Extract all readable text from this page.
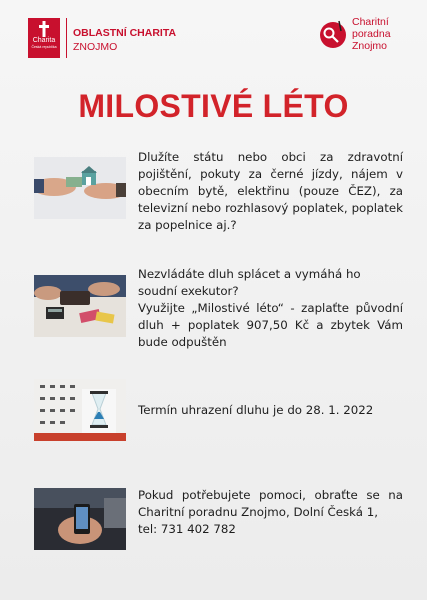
Charita
Česká republika
OBLASTNÍ CHARITA
ZNOJMO
Charitní
poradna
Znojmo
MILOSTIVÉ LÉTO
Dlužíte státu nebo obci za zdravotní pojištění, pokuty za černé jízdy, nájem v obecním bytě, elektřinu (pouze ČEZ), za televizní nebo rozhlasový poplatek, poplatek za popelnice aj.?
Nezvládáte dluh splácet a vymáhá ho soudní exekutor?
Využijte „Milostivé léto“ - zaplaťte původní dluh + poplatek 907,50 Kč a zbytek Vám bude odpuštěn
Termín uhrazení dluhu je do 28. 1. 2022
Pokud potřebujete pomoci, obraťte se na Charitní poradnu Znojmo, Dolní Česká 1,
tel: 731 402 782
